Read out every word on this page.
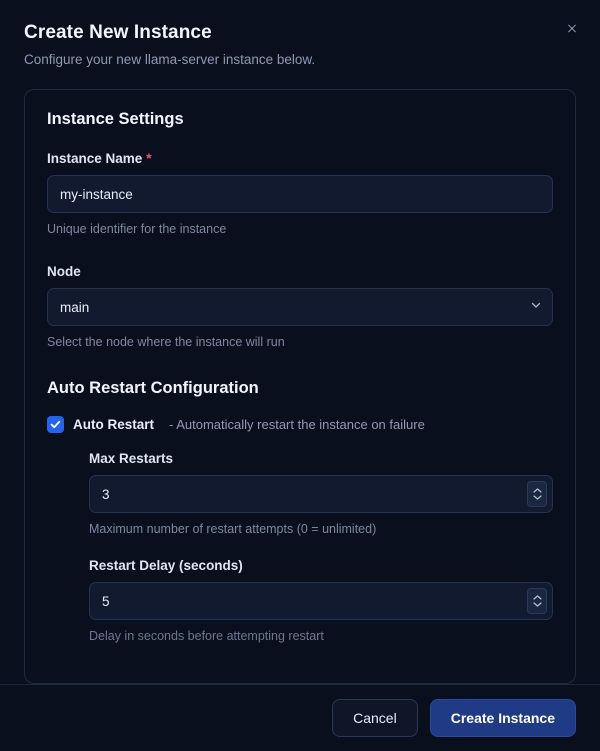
Create New Instance

Configure your new llama-server instance below.

Instance Settings
Instance Name *
my-instance

Unique identifier for the instance

Node
main

Select the node where the instance will run

Auto Restart Configuration
Auto Restart - Automatically restart the instance on failure
Max Restarts
3

Maximum number of restart attempts (0 = unlimited)

Restart Delay (seconds)
5

Delay in seconds before attempting restart

Cancel	Create Instance
